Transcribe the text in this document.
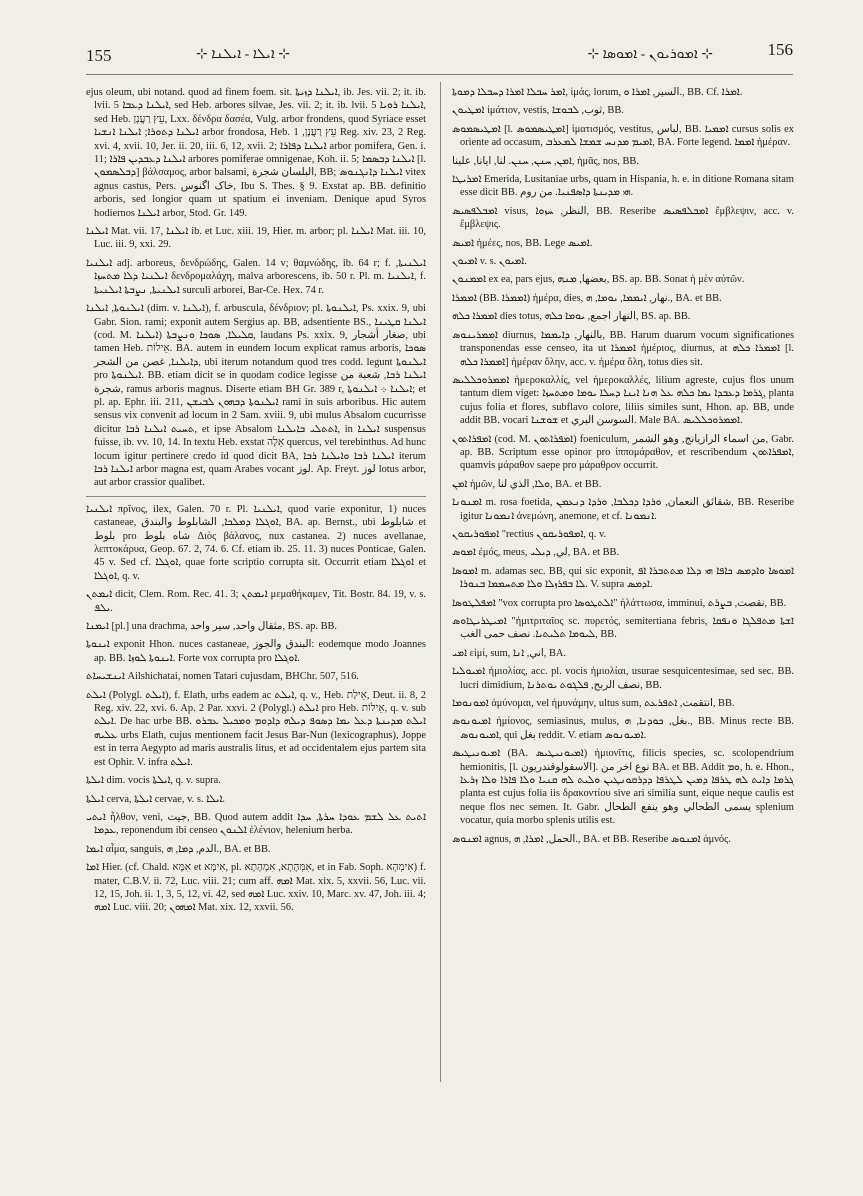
155	⊹ ܐܝܠܐ - ܐܝܠܢܐ ⊹	⊹ ܐܡܘܪܝܘܢ - ܐܡܘܣܐ ⊹	156

ejus oleum, ubi notand. quod ad finem foem. sit. ܐܝܠܢܐ ܕܙܝܬܐ, ib. Jes. vii. 2; it. ib. lvii. 5 ܐܝܠܢܐ ܕܥܒܐ, sed Heb. arbores silvae, Jes. vii. 2; it. ib. lvii. 5 ܐܝܠܢܐ ܪܘܝܐ, sed Heb. עֵץ רַעֲנָן, Lxx. δένδρα δασέα, Vulg. arbor frondens, quod Syriace esset ܐܝܠܢܐ ܕܬܘܪܐ; ܐܝܠܢܐ ܐܢܫܝܐ arbor frondosa, Heb. עֵץ רַעֲנָן, 1 Reg. xiv. 23, 2 Reg. xvi. 4, xvii. 10, Jer. ii. 20, iii. 6, 12, xvii. 2; ܐܝܠܢܐ ܕܦܐܪܐ arbor pomifera, Gen. i. 11; ܐܝܠܢܐ ܕܥܒܕܝܢ ܦܐܪܐ arbores pomiferae omnigenae, Koh. ii. 5; ܐܝܠܢܐ ܕܒܣܡܐ [l. ܕܒܠܣܡܘܢ] βάλσαμος, arbor balsami, البلسان شجرة, BB; ܐܝܠܢܐ ܕܐܢܓܢܘܣ vitex agnus castus, Pers. خاک اگنوس, Ibu S. Thes. § 9. Exstat ap. BB. definitio arboris, sed longior quam ut spatium ei inveniam. Denique apud Syros hodiernos ܐܝܠܢܐ arbor, Stod. Gr. 149.

ܐܝܠܢܐ Mat. vii. 17, ܐܝܠܢܐ ib. et Luc. xiii. 19, Hier. m. arbor; pl. ܐܝܠܢܐ Mat. iii. 10, Luc. iii. 9, xxi. 29.

ܐܝܠܢܝܐ adj. arboreus, δενδρώδης, Galen. 14 v; θαμνώδης, ib. 64 r; f. ܐܝܠܢܝܬܐ, ܐܝܠܢܝܐ ܕܠܐ ܡܬܚܙܐ δενδρομαλάχη, malva arborescens, ib. 50 r. Pl. m. ܐܝܠܢܝܐ, f. ܐܝܠܢܝܬܐ, ܢܨܒܬܐ ܐܝܠܢܝܬܐ surculi arborei, Bar-Ce. Hex. 74 r.

ܐܝܠܢܘܬܐ, ܐܝܠܢܐ (dim. v. ܐܝܠܢܐ), f. arbuscula, δένδριον; pl. ܐܝܠܢܘܬܐ, Ps. xxix. 9, ubi Gabr. Sion. rami; exponit autem Sergius ap. BB, adsentiente BS., ܐܝܠܢܐ ܩܛܝܢܐ (cod. M. ܐܝܠܢܐ) ܩܠܝܠܐ, ܣܘܟܐ ܘܢܨܒܬܐ, laudans Ps. xxix. 9, صغار أشجار, ubi tamen Heb. אֵילוֹת. BA. autem in eundem locum explicat ramus arboris, ܣܘܟܐ ܕܐܝܠܢܐ, غصن من الشجر, ubi iterum notandum quod tres codd. legunt ܐܝܠܢܘܬܐ pro ܐܝܠܢܘܬܐ. BB. etiam dicit se in quodam codice legisse ܐܝܠܢܐ ܪܒܐ, شعبة من شجرة, ramus arboris magnus. Diserte etiam BH Gr. 389 r, ܐܝܠܢܐ ܀ ܐܝܠܢܘܬܐ; et pl. ap. Ephr. iii. 211, ܐܝܠܢܘܬܐ ܕܒܗܘܢ ܠܒܝܫܢ rami in suis arboribus. Hic autem sensus vix convenit ad locum in 2 Sam. xviii. 9, ubi mulus Absalom cucurrisse dicitur ܬܚܝܬ ܐܝܠܢܐ ܪܒܐ, et ipse Absalom ܐܬܬܠܝ ܒܐܝܠܢܐ, in ܐܝܠܢܐ suspensus fuisse, ib. vv. 10, 14. In textu Heb. exstat אֵלָה quercus, vel terebinthus. Ad hunc locum igitur pertinere credo id quod dicit BA, ܐܝܠܢܐ ܪܒܐ ܘܐܝܠܢܐ ܪܒܐ iterum ܐܝܠܢܐ ܪܒܐ arbor magna est, quam Arabes vocant لوز. Ap. Freyt. لوز lotus arbor, aut arbor crassior qualibet.

ܐܝܠܢܝܐ πρῖνος, ilex, Galen. 70 r. Pl. ܐܝܠܢܝܐ, quod varie exponitur, 1) nuces castaneae, ܐܘܓܠܐ ܕܡܠܟܐ, الشابلوط والبندق, BA. ap. Bernst., ubi شابلوط et بلوط pro شاه بلوط Διὸς βάλανος, nux castanea. 2) nuces avellanae, λεπτοκάρυα, Geop. 67. 2, 74. 6. Cf. etiam ib. 25. 11. 3) nuces Ponticae, Galen. 45 v. Sed cf. ܐܘܓܠܐ, quae forte scriptio corrupta sit. Occurrit etiam ܐܘܓܠܐ et ܐܘܓܠܐ, q. v.

ܐܝܡܬܢ dicit, Clem. Rom. Rec. 41. 3; ܐܝܡܬܢ μεμαθήκαμεν, Tit. Bostr. 84. 19, v. s. ܝܠܦ.

ܐܝܡܢܐ [pl.] una drachma, مثقال واحد, سير واحد, BS. ap. BB.

ܐܝܢܘܬܐ exponit Hhon. nuces castaneae, البندق والجوز: eodemque modo Joannes ap. BB. ܐܝܢܘܬܐ ܠܘܙܐ. Forte vox corrupta pro ܐܘܓܠܐ.

ܐܝܢܫܝܚܐܬ Ailshichatai, nomen Tatari cujusdam, BHChr. 507, 516.

ܐܝܠܬ (Polygl. ܐܝܠܬ), f. Elath, urbs eadem ac ܐܝܠܬ, q. v., Heb. אֵילַת, Deut. ii. 8, 2 Reg. xiv. 22, xvi. 6. Ap. 2 Par. xxvi. 2 (Polygl.) ܐܝܠܬ pro Heb. אֵילוֹת, q. v. sub ܐܝܠܬ. De hac urbe BB. ܐܝܠܬ ܡܕܝܢܬܐ ܕܥܠ ܝܡܐ ܕܣܘܦ ܕܝܠܗ ܕܐܕܘܡ ܘܡܟܝܠ ܥܒܪܘ ܥܠܝܗ urbs Elath, cujus mentionem facit Jesus Bar-Nun (lexicographus), Joppe est in terra Aegypto ad maris australis litus, et ad occidentalem ejus partem sita est Ophir. V. infra ܐܝܠܬ.

ܐܝܠܬܐ dim. vocis ܐܝܠܬܐ, q. v. supra.

ܐܝܠܬܐ cerva, ܐܝܠܬܐ cervae, v. s. ܐܝܠܐ.

ܐܝܬܝ ἦλθον, veni, جيت, BB. Quod autem addit ܐܬܝܬ ܥܠ ܠܫܡ ܥܘܕܐ ܚܪܬܐ, ܚܕܐ ܥܕܡܐ, reponendum ibi censeo ܐܠܢܘܢ ἑλένιον, helenium herba.

ܐܝܡܐ αἷμα, sanguis, الدم, ܕܡܐ, ܗ., BA. et BB.

ܐܡܐ Hier. (cf. Chald. אִמָּא et אִימָּא, pl. אִמְּהָתָא, אִמְהָתָא, et in Fab. Soph. אִימְהָא) f. mater, C.B.V. ii. 72, Luc. viii. 21; cum aff. ܐܡܗ Mat. xix. 5, xxvii. 56, Luc. vii. 12, 15, Joh. ii. 1, 3, 5, 12, vi. 42, sed ܐܡܗ Luc. xxiv. 10, Marc. xv. 47, Joh. iii. 4; ܐܡܗ Luc. viii. 20; ܐܡܗܘܢ Mat. xix. 12, xxvii. 56.

ܐܡܪ ܚܒܠܐ ܐܡܪܐ ܕܚܒܠܐ ܕܡܘܬܐ, ἱμάς, lorum, السير, ܐܡܪܐ ܘ., BB. Cf. ܐܡܪܐ.

ܐܡܛܝܘܢ ἱμάτιον, vestis, ثوب, ܠܒܘܫܐ, BB.

ܐܡܛܝܣܡܘܣ [l. ܐܡܛܝܣܡܘܣ] ἱματισμός, vestitus, لباس, BB. ܐܡܡܝܐ cursus solis ex oriente ad occasum, ܐܡܝܡ ܡܕܢܚ ܫܡܫܐ ܠܡܥܪܒ, BA. Forte legend. ܐܡܡܐ ἡμέραν.

ܐܡܢ, ܚܢܢ, ܚܢܢ. لنا, ايانا, علينا, ἡμᾶς, nos, BB.

ܐܡܪܝܛܐ Emerida, Lusitaniae urbs, quam in Hispania, h. e. in ditione Romana sitam esse dicit BB. ܗܝ ܡܕܝܢܬܐ ܕܐܣܦܢܝܐ. من روم.

ܐܡܒܠܦܣܝܣ visus, النظر, ܚܙܘܐ, BB. Reseribe ܐܡܒܠܦܣܝܣ ἔμβλεψιν, acc. v. ἔμβλεψις.

ܐܡܝܣ ἡμέες, nos, BB. Lege ܐܡܝܣ.

ܐܡܝܘܢ v. s. ܐܡܝܘܢ.

ܐܡܡܢܘܢ ex ea, pars ejus, بعضها, ܡܢܗ, BS. ap. BB. Sonat ἡ μὲν αὐτῶν.

ܐܡܡܪܐ (BB. ܐܡܡܪܐ) ἡμέρα, dies, نهار, ܐܝܡܡܐ, ܝܘܡܐ, ܗ., BA. et BB.

ܐܡܡܪܐ ܟܠܗ dies totus, النهار اجمع, ܝܘܡܐ ܟܠܗ, BS. ap. BB.

ܐܡܡܪܝܢܘܣ diurnus, بالنهار, ܕܐܝܡܡܐ, BB. Harum duarum vocum significationes transponendas esse censeo, ita ut ܐܡܡܪܐ ἡμέριος, diurnus, at ܐܡܡܪܐ ܟܠܗ [l. ܐܡܡܪܐ ܟܠܗ] ἡμέραν ὅλην, acc. v. ἡμέρα ὅλη, totus dies sit.

ܐܡܡܪܘܟܠܠܝܣ ἡμεροκαλλίς, vel ἡμεροκαλλές, lilium agreste, cujus flos unum tantum diem viget: ܓܪܡܐ ܕܥܒܕܐ ܝܡܐ ܟܠܗ ܥܠ ܗܢܐ ܐܝܢܐ ܕܚܠܐ ܝܘܡܐ ܘܡܬܚܙܐ, planta cujus folia et flores, subflavo colore, liliis similes sunt, Hhon. ap. BB, unde addit BB. vocari ܫܘܫܢܐ et السوسن البري. Male BA. ܐܡܡܪܘܟܠܠܝܣ.

ܐܡܦܪܐܬܘܢ (cod. M. ܐܡܦܪܐܬܘܢ) foeniculum, من اسماء الرازيانج, وهو الشمر, Gabr. ap. BB. Scriptum esse opinor pro ἱππομάραθον, et rescribendum ܐܡܦܪܐܬܘܢ, quamvis μάραθον saepe pro μάραθρον occurrit.

ܐܡܢ ἡμῶν, ܘܠܐ, الذي لنا, BA. et BB.

ܐܡܢܘܢܐ m. rosa foetida, شقائق النعمان, ܘܪܕܐ ܕܟܠܒܐ, ܘܪܕܐ ܕܢܥܡܢ, BB. Reseribe igitur ܐܢܡܘܢܐ ἀνεμώνη, anemone, et cf. ܐܢܡܘܢܐ.

ܐܡܦܘܪܝܩܘܢ "rectius ܐܡܦܘܪܝܩܘܢ, q. v.

ܐܡܘܣ ἐμός, meus, لي, ܕܝܠܝ, BA. et BB.

ܐܡܘܣܐ m. adamas sec. BB, qui sic exponit, ܐܡܘܣܐ ܘܐܕܡܣ ܟܐܦܐ ܗܝ ܕܠܐ ܡܬܬܒܪܐ ܐܦ ܠܐ ܒܦܪܙܠܐ ܘܠܐ ܡܬܚܡܡܐ ܒܢܘܪܐ. V. supra ܐܕܡܣ.

ܐܡܦܠܛܘܣܐ "vox corrupta pro ܐܠܬܛܘܣܐ" ἠλάττωσα, imminui, نقصت, ܒܨܪܬ, BB.

ܐܡܝܛܪܝܛܐܘܣ "ἡμιτριταῖος sc. πυρετός, semitertiana febris, ܐܫܬܐ ܡܬܦܠܓܐ ܘܢܦܩܐ ܠܝܘܡܐ ܬܠܝܬܝܐ. نصف حمى الغب, BB.

ܐܡܝ εἰμί, sum, اني, ܐܢܐ, BA.

ܐܡܝܘܠܝܐ ἡμιολίας, acc. pl. vocis ἡμιολίαι, usurae sesquicentesimae, sed sec. BB. lucri dimidium, نصف الربح, ܦܠܓܘܬ ܝܘܬܪܢܐ, BB.

ܐܡܘܢܘܡܐ ἀμύνομαι, vel ἠμυνάμην, ultus sum, انتقمت, ܐܬܦܪܥܬ, BB.

ܐܡܝܘܢܘܣ ἡμίονος, semiasinus, mulus, بغل, ܟܘܕܢܐ, ܗ., BB. Minus recte BB. ܐܡܝܘܢܘܣ, qui بغل reddit. V. etiam ܐܡܝܘܢܘܣ.

ܐܡܝܘܢܝܛܝܣ (BA. ܐܡܝܘܢܝܛܝܣ) ἡμιονῖτις, filicis species, sc. scolopendrium hemionitis, [l. الاسقولوقندريون]. نوع اخر من BA. et BB. Addit ܘܡ, h. e. Hhon., ܓܪܡܐ ܕܐܝܬ ܠܗ ܛܪܦܐ ܕܡܝܢ ܠܛܪܦܐ ܕܕܪܩܘܢܛܝܢ ܘܠܝܬ ܠܗ ܩܢܝܐ ܘܠܐ ܦܐܪܐ ܘܠܐ ܙܪܥܐ planta est cujus folia iis δρακοντίου sive ari similia sunt, eique neque caulis est neque flos nec semen. It. Gabr. يسمى الطحالي وهو ينفع الطحال splenium vocatur, quia morbo splenis utilis est.

ܐܡܢܘܣ agnus, الحمل, ܐܡܪܐ, ܗ., BA. et BB. Reseribe ܐܡܢܘܣ ἀμνός.
